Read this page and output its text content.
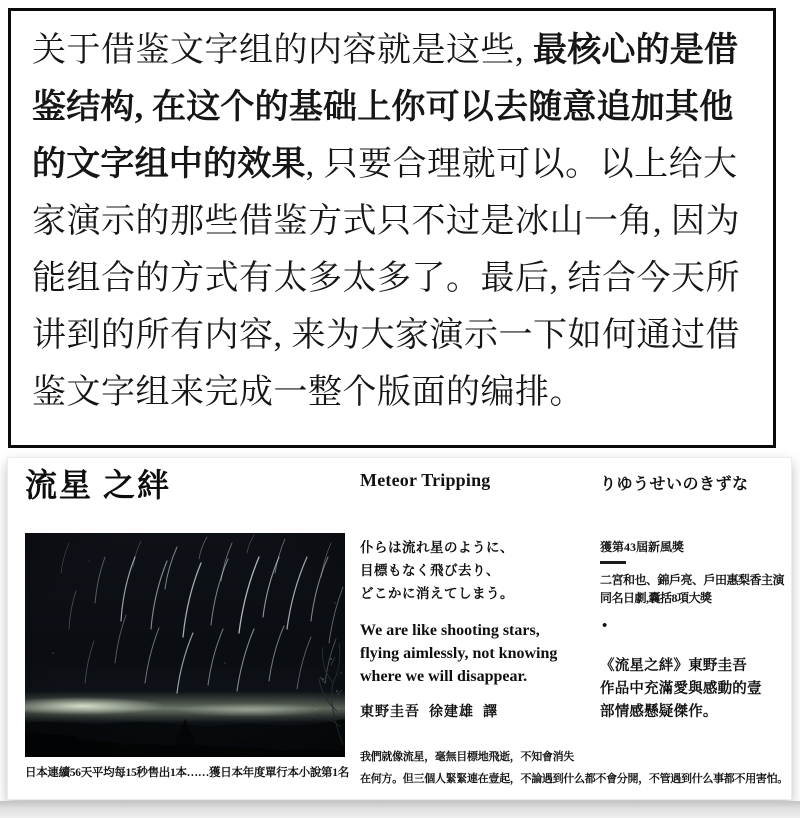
关于借鉴文字组的内容就是这些, 最核心的是借鉴结构, 在这个的基础上你可以去随意追加其他的文字组中的效果, 只要合理就可以。以上给大家演示的那些借鉴方式只不过是冰山一角, 因为能组合的方式有太多太多了。最后, 结合今天所讲到的所有内容, 来为大家演示一下如何通过借鉴文字组来完成一整个版面的编排。
流星 之絆	Meteor Tripping	りゆうせいのきずな
日本連續56天平均每15秒售出1本……獲日本年度單行本小說第1名
仆らは流れ星のように、
目標もなく飛び去り、
どこかに消えてしまう。
We are like shooting stars,
flying aimlessly, not knowing
where we will disappear.
東野圭吾  徐建雄  譯
獲第43屆新風獎
二宮和也、錦戶亮、戶田惠梨香主演
同名日劇,囊括8項大獎
•
《流星之絆》東野圭吾
作品中充滿愛與感動的壹
部情感懸疑傑作。
我們就像流星，毫無目標地飛逝，不知會消失
在何方。但三個人緊緊連在壹起，不論遇到什么都不會分開，不管遇到什么事都不用害怕。
